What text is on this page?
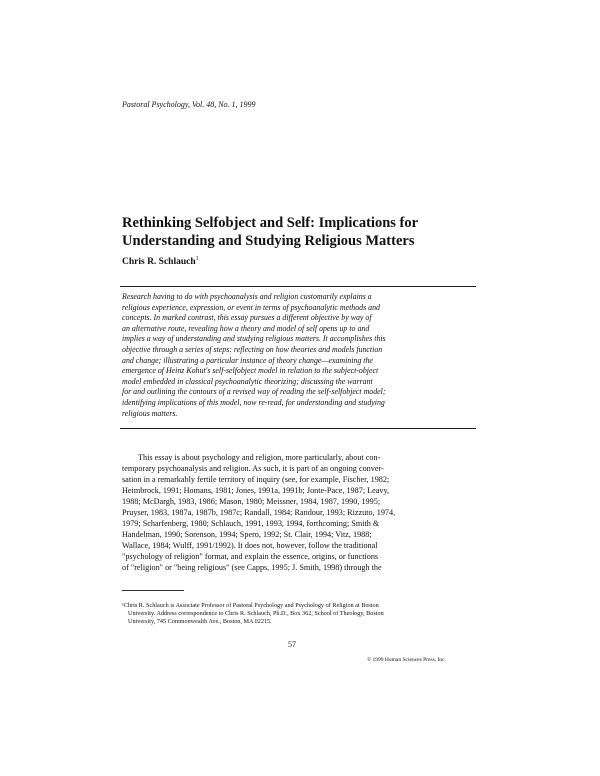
Pastoral Psychology, Vol. 48, No. 1, 1999
Rethinking Selfobject and Self: Implications for
Understanding and Studying Religious Matters
Chris R. Schlauch$^1$
Research having to do with psychoanalysis and religion customarily explains a
religious experience, expression, or event in terms of psychoanalytic methods and
concepts. In marked contrast, this essay pursues a different objective by way of
an alternative route, revealing how a theory and model of self opens up to and
implies a way of understanding and studying religious matters. It accomplishes this
objective through a series of steps: reflecting on how theories and models function
and change; illustrating a particular instance of theory change—examining the
emergence of Heinz Kohut's self-selfobject model in relation to the subject-object
model embedded in classical psychoanalytic theorizing; discussing the warrant
for and outlining the contours of a revised way of reading the self-selfobject model;
identifying implications of this model, now re-read, for understanding and studying
religious matters.
This essay is about psychology and religion, more particularly, about con-
temporary psychoanalysis and religion. As such, it is part of an ongoing conver-
sation in a remarkably fertile territory of inquiry (see, for example, Fischer, 1982;
Heimbrock, 1991; Homans, 1981; Jones, 1991a, 1991b; Jonte-Pace, 1987; Leavy,
1988; McDargh, 1983, 1986; Mason, 1980; Meissner, 1984, 1987, 1990, 1995;
Pruyser, 1983, 1987a, 1987b, 1987c; Randall, 1984; Randour, 1993; Rizzuto, 1974,
1979; Scharfenberg, 1980; Schlauch, 1991, 1993, 1994, forthcoming; Smith &
Handelman, 1990; Sorenson, 1994; Spero, 1992; St. Clair, 1994; Vitz, 1988;
Wallace, 1984; Wulff, 1991/1992). It does not, however, follow the traditional
"psychology of religion" format, and explain the essence, origins, or functions
of "religion" or "being religious" (see Capps, 1995; J. Smith, 1998) through the
¹Chris R. Schlauch is Associate Professor of Pastoral Psychology and Psychology of Religion at Boston
University. Address correspondence to Chris R. Schlauch, Ph.D., Box 362, School of Theology, Boston
University, 745 Commonwealth Ave., Boston, MA 02215.
57
© 1999 Human Sciences Press, Inc.
